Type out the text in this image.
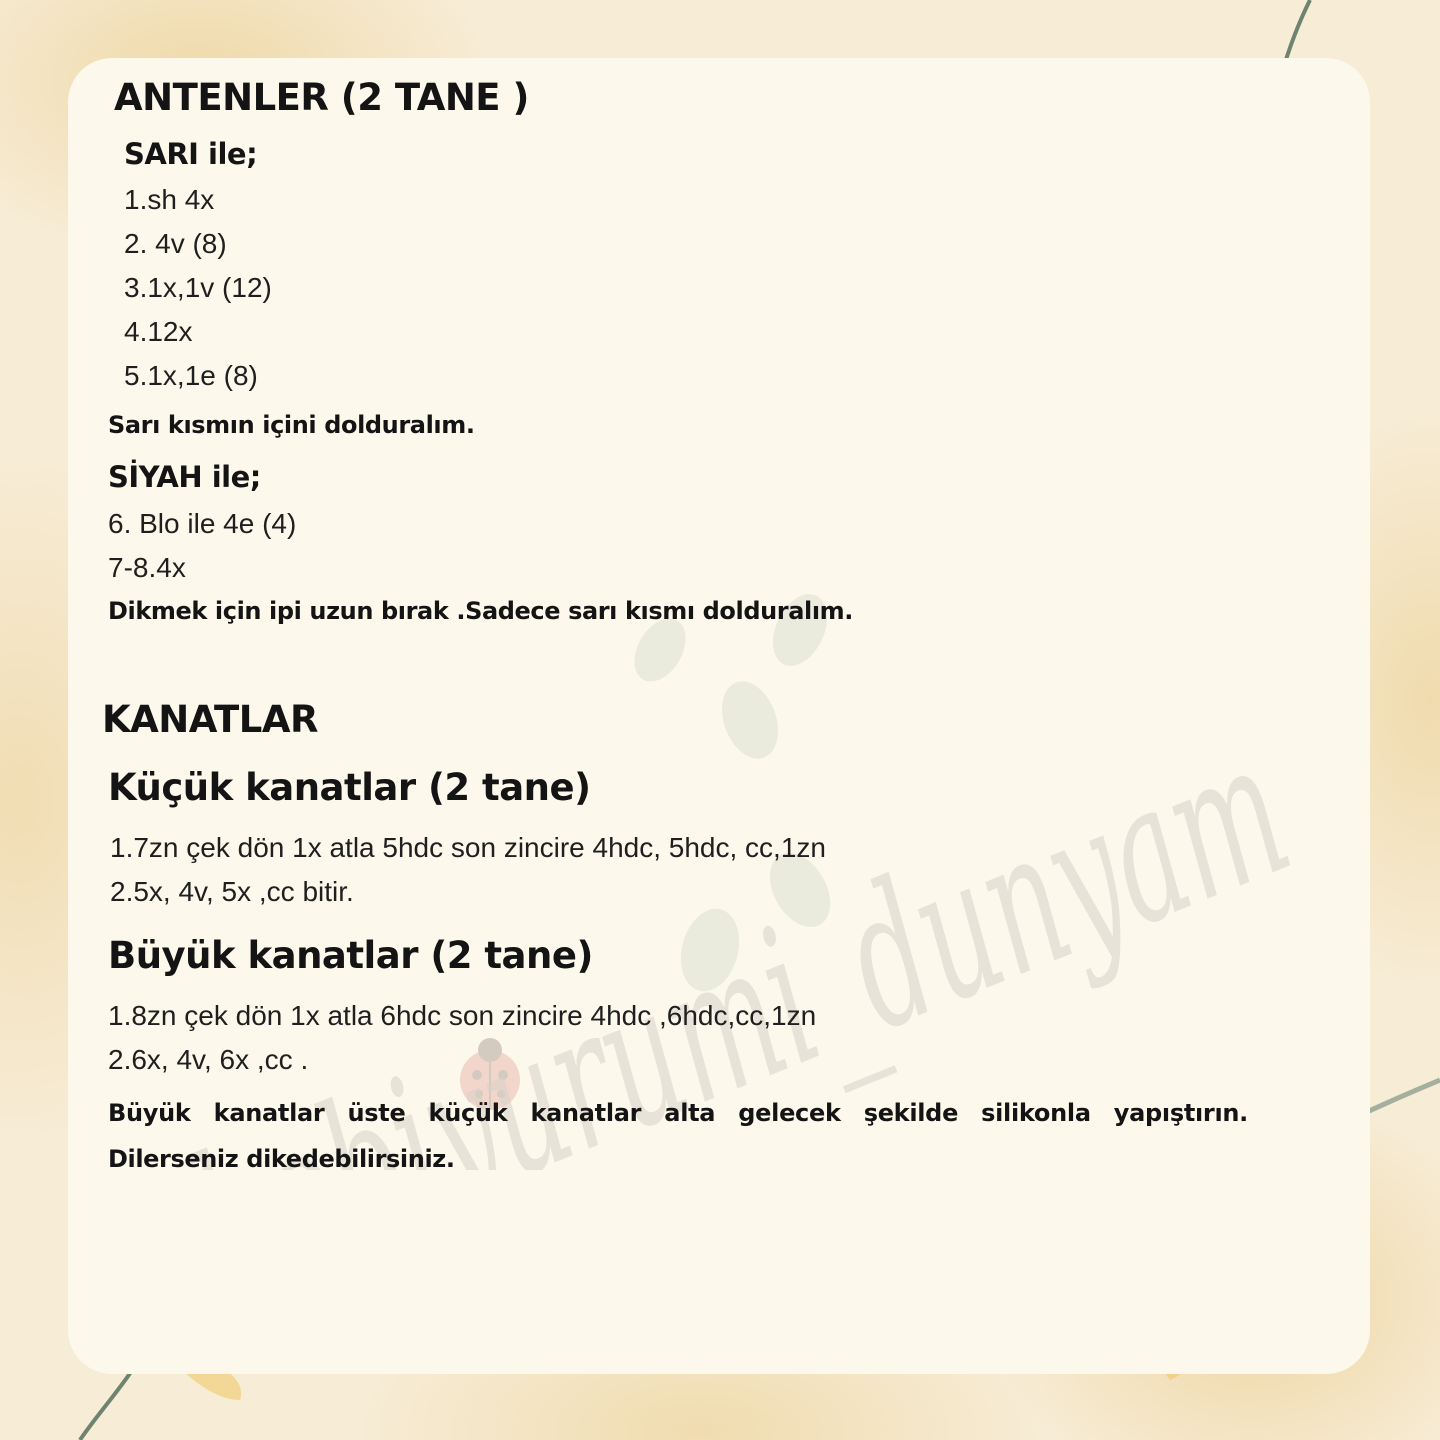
ANTENLER (2 TANE )

SARI ile;

1.sh 4x

2. 4v (8)

3.1x,1v (12)

4.12x

5.1x,1e (8)

Sarı kısmın içini dolduralım.

SİYAH ile;

6. Blo ile 4e (4)

7-8.4x

Dikmek için ipi uzun bırak .Sadece sarı kısmı dolduralım.

KANATLAR

Küçük kanatlar (2 tane)

1.7zn çek dön 1x atla 5hdc son zincire 4hdc, 5hdc, cc,1zn

2.5x, 4v, 5x ,cc bitir.

Büyük kanatlar (2 tane)

1.8zn çek dön 1x atla 6hdc son zincire 4hdc ,6hdc,cc,1zn

2.6x, 4v, 6x ,cc .

Büyük kanatlar üste küçük kanatlar alta gelecek şekilde silikonla yapıştırın.

Dilerseniz dikedebilirsiniz.
